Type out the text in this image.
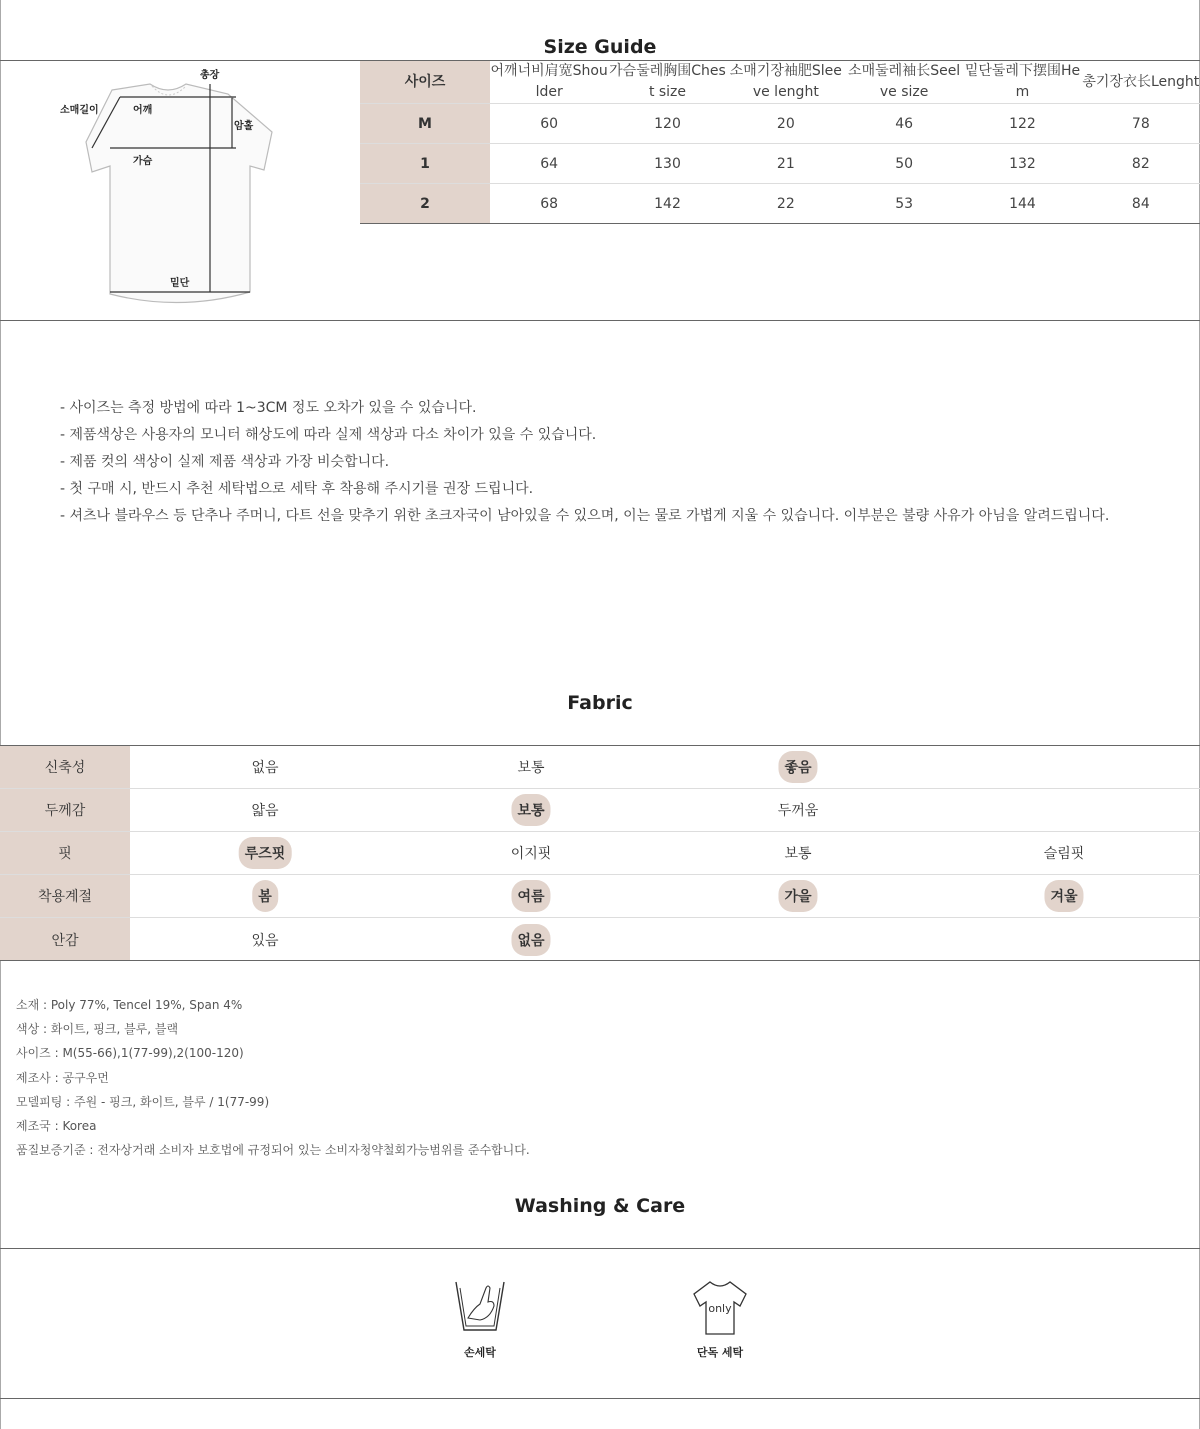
Size Guide
총장
소매길이	어깨
암홀
가슴
밑단
사이즈	어깨너비肩宽Shoulder	가슴둘레胸围Chest size	소매기장袖肥Sleeve lenght	소매둘레袖长Seelve size	밑단둘레下摆围Hem	총기장衣长Lenght
M	60	120	20	46	122	78
1	64	130	21	50	132	82
2	68	142	22	53	144	84
- 사이즈는 측정 방법에 따라 1~3CM 정도 오차가 있을 수 있습니다.
- 제품색상은 사용자의 모니터 해상도에 따라 실제 색상과 다소 차이가 있을 수 있습니다.
- 제품 컷의 색상이 실제 제품 색상과 가장 비슷합니다.
- 첫 구매 시, 반드시 추천 세탁법으로 세탁 후 착용해 주시기를 권장 드립니다.
- 셔츠나 블라우스 등 단추나 주머니, 다트 선을 맞추기 위한 초크자국이 남아있을 수 있으며, 이는 물로 가볍게 지울 수 있습니다. 이부분은 불량 사유가 아님을 알려드립니다.
Fabric
신축성	없음	보통	좋음
두께감	얇음	보통	두꺼움
핏	루즈핏	이지핏	보통	슬림핏
착용계절	봄	여름	가을	겨울
안감	있음	없음
소재 : Poly 77%, Tencel 19%, Span 4%
색상 : 화이트, 핑크, 블루, 블랙
사이즈 : M(55-66),1(77-99),2(100-120)
제조사 : 공구우먼
모델피팅 : 주원 - 핑크, 화이트, 블루 / 1(77-99)
제조국 : Korea
품질보증기준 : 전자상거래 소비자 보호법에 규정되어 있는 소비자청약철회가능범위를 준수합니다.
Washing & Care
손세탁
only
단독 세탁
